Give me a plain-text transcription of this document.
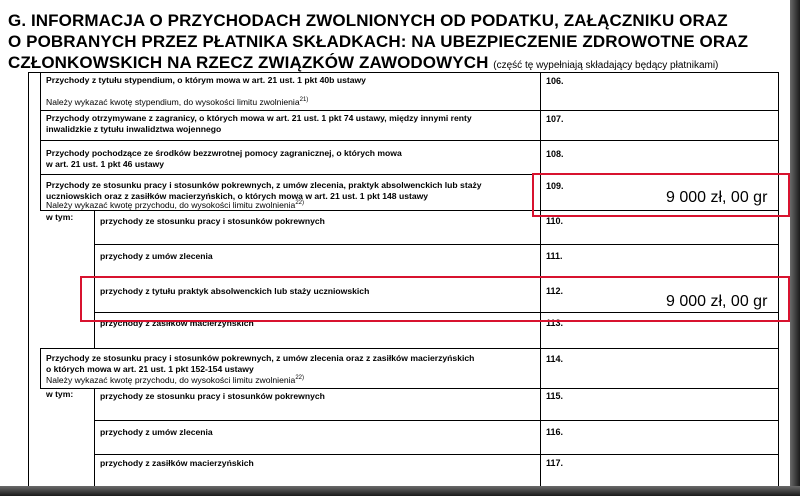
G. INFORMACJA O PRZYCHODACH ZWOLNIONYCH OD PODATKU, ZAŁĄCZNIKU ORAZ
O POBRANYCH PRZEZ PŁATNIKA SKŁADKACH: NA UBEZPIECZENIE ZDROWOTNE ORAZ
CZŁONKOWSKICH NA RZECZ ZWIĄZKÓW ZAWODOWYCH (część tę wypełniają składający będący płatnikami)
Przychody z tytułu stypendium, o którym mowa w art. 21 ust. 1 pkt 40b ustawy
Należy wykazać kwotę stypendium, do wysokości limitu zwolnienia$^{21)}$
106.
Przychody otrzymywane z zagranicy, o których mowa w art. 21 ust. 1 pkt 74 ustawy, między innymi renty
inwalidzkie z tytułu inwalidztwa wojennego
107.
Przychody pochodzące ze środków bezzwrotnej pomocy zagranicznej, o których mowa
w art. 21 ust. 1 pkt 46 ustawy
108.
Przychody ze stosunku pracy i stosunków pokrewnych, z umów zlecenia, praktyk absolwenckich lub staży
uczniowskich oraz z zasiłków macierzyńskich, o których mowa w art. 21 ust. 1 pkt 148 ustawy
Należy wykazać kwotę przychodu, do wysokości limitu zwolnienia$^{22)}$
109.
9 000 zł, 00 gr
w tym:	przychody ze stosunku pracy i stosunków pokrewnych	110.
przychody z umów zlecenia	111.
przychody z tytułu praktyk absolwenckich lub staży uczniowskich	112.
9 000 zł, 00 gr
przychody z zasiłków macierzyńskich	113.
Przychody ze stosunku pracy i stosunków pokrewnych, z umów zlecenia oraz z zasiłków macierzyńskich
o których mowa w art. 21 ust. 1 pkt 152-154 ustawy
Należy wykazać kwotę przychodu, do wysokości limitu zwolnienia$^{22)}$
114.
w tym:	przychody ze stosunku pracy i stosunków pokrewnych	115.
przychody z umów zlecenia	116.
przychody z zasiłków macierzyńskich	117.
